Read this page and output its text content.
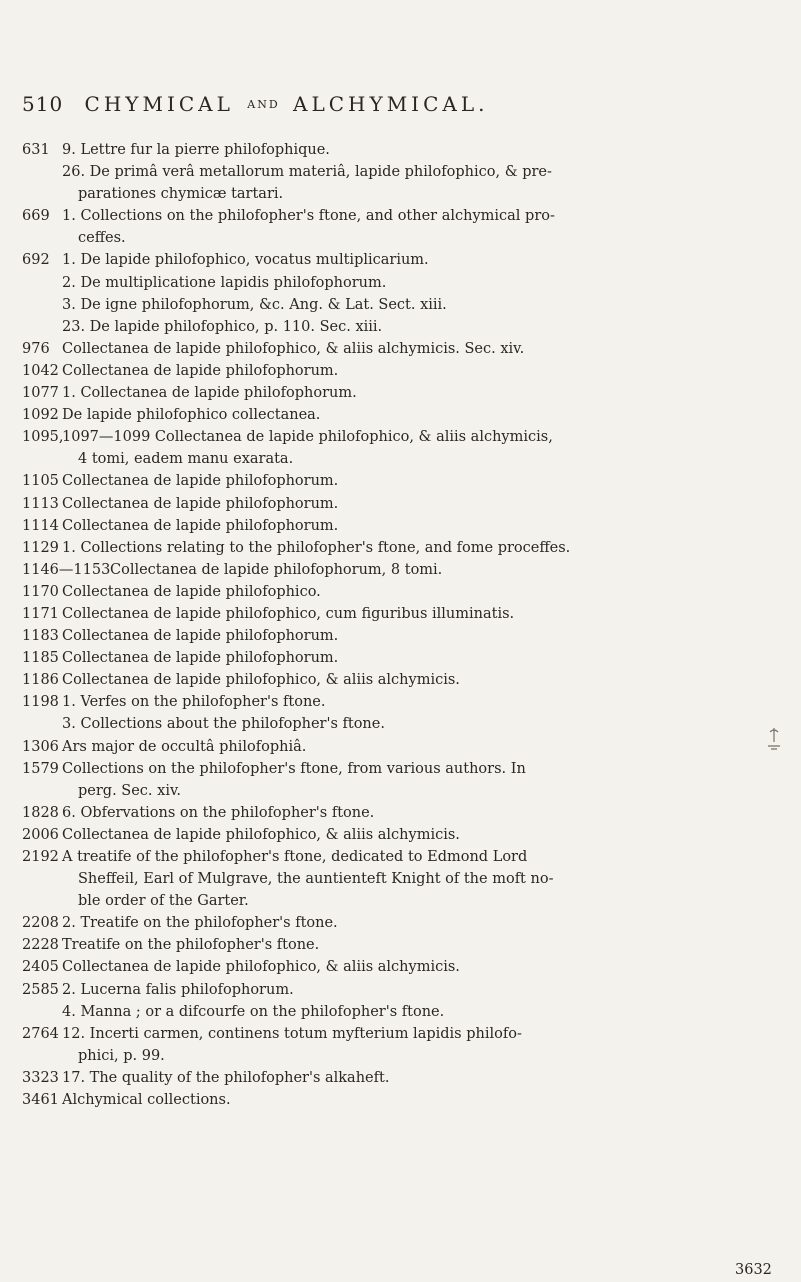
510 CHYMICAL AND ALCHYMICAL.
631 9. Lettre fur la pierre philofophique.
26. De primâ verâ metallorum materiâ, lapide philofophico, & pre-
parationes chymicæ tartari.
669 1. Collections on the philofopher's ftone, and other alchymical pro-
ceffes.
692 1. De lapide philofophico, vocatus multiplicarium.
2. De multiplicatione lapidis philofophorum.
3. De igne philofophorum, &c. Ang. & Lat. Sect. xiii.
23. De lapide philofophico, p. 110. Sec. xiii.
976 Collectanea de lapide philofophico, & aliis alchymicis. Sec. xiv.
1042 Collectanea de lapide philofophorum.
1077 1. Collectanea de lapide philofophorum.
1092 De lapide philofophico collectanea.
1095,
1097—1099 Collectanea de lapide philofophico, & aliis alchymicis,
4 tomi, eadem manu exarata.
1105 Collectanea de lapide philofophorum.
1113 Collectanea de lapide philofophorum.
1114 Collectanea de lapide philofophorum.
1129 1. Collections relating to the philofopher's ftone, and fome proceffes.
1146—1153 Collectanea de lapide philofophorum, 8 tomi.
1170 Collectanea de lapide philofophico.
1171 Collectanea de lapide philofophico, cum figuribus illuminatis.
1183 Collectanea de lapide philofophorum.
1185 Collectanea de lapide philofophorum.
1186 Collectanea de lapide philofophico, & aliis alchymicis.
1198 1. Verfes on the philofopher's ftone.
3. Collections about the philofopher's ftone.
1306 Ars major de occultâ philofophiâ.
1579 Collections on the philofopher's ftone, from various authors. In
perg. Sec. xiv.
1828 6. Obfervations on the philofopher's ftone.
2006 Collectanea de lapide philofophico, & aliis alchymicis.
2192 A treatife of the philofopher's ftone, dedicated to Edmond Lord
Sheffeil, Earl of Mulgrave, the auntienteft Knight of the moft no-
ble order of the Garter.
2208 2. Treatife on the philofopher's ftone.
2228 Treatife on the philofopher's ftone.
2405 Collectanea de lapide philofophico, & aliis alchymicis.
2585 2. Lucerna falis philofophorum.
4. Manna ; or a difcourfe on the philofopher's ftone.
2764 12. Incerti carmen, continens totum myfterium lapidis philofo-
phici, p. 99.
3323 17. The quality of the philofopher's alkaheft.
3461 Alchymical collections.
3632
